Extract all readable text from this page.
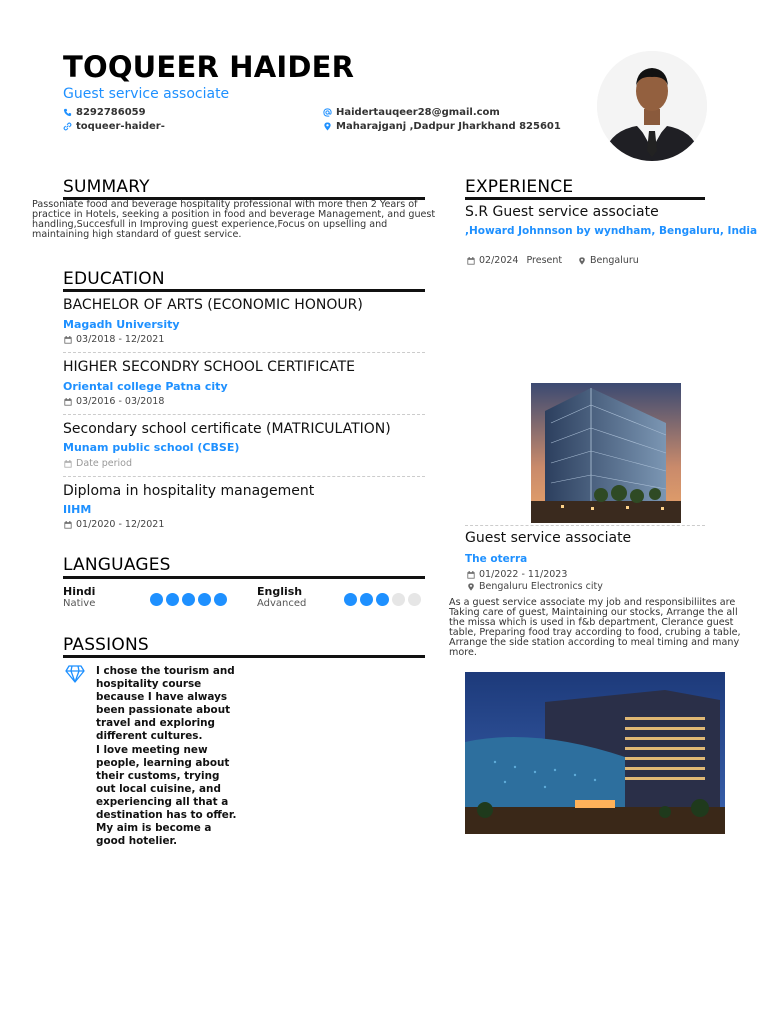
TOQUEER HAIDER
Guest service associate
8292786059
toqueer-haider-
Haidertauqeer28@gmail.com
Maharajganj ,Dadpur Jharkhand 825601
SUMMARY
Passoniate food and beverage hospitality professional with more then 2 Years of practice in Hotels, seeking a position in food and beverage Management, and guest handling,Succesfull in Improving guest experience,Focus on upselling and maintaining high standard of guest service.
EDUCATION
BACHELOR OF ARTS (ECONOMIC HONOUR)
Magadh University
03/2018 - 12/2021
HIGHER SECONDRY SCHOOL CERTIFICATE
Oriental college Patna city
03/2016 - 03/2018
Secondary school certificate (MATRICULATION)
Munam public school (CBSE)
Date period
Diploma in hospitality management
IIHM
01/2020 - 12/2021
LANGUAGES
Hindi
Native
English
Advanced
PASSIONS
I chose the tourism and hospitality course because I have always been passionate about travel and exploring different cultures.
I love meeting new people, learning about their customs, trying out local cuisine, and experiencing all that a destination has to offer.
My aim is become a good hotelier.
EXPERIENCE
S.R Guest service associate
,Howard Johnnson by wyndham, Bengaluru, India
02/2024 Present	Bengaluru
Guest service associate
The oterra
01/2022 - 11/2023
Bengaluru Electronics city
As a guest service associate my job and responsibiliites are Taking care of guest, Maintaining our stocks, Arrange the all the missa which is used in f&b department, Clerance guest table, Preparing food tray according to food, crubing a table, Arrange the side station according to meal timing and many more.
